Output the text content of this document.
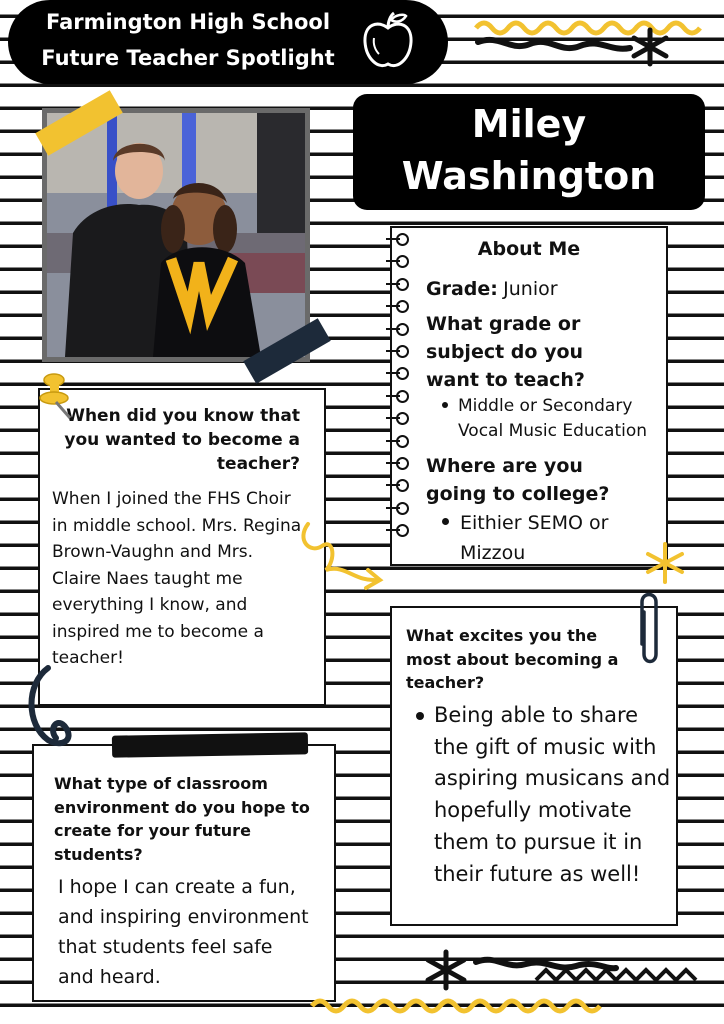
Farmington High School
Future Teacher Spotlight
Miley
Washington
About Me
Grade: Junior
What grade or subject do you want to teach?
Middle or Secondary
Vocal Music Education
Where are you going to college?
Eithier SEMO or
Mizzou
When did you know that
you wanted to become a
teacher?
When I joined the FHS Choir
in middle school. Mrs. Regina
Brown-Vaughn and Mrs.
Claire Naes taught me
everything I know, and
inspired me to become a
teacher!
What excites you the
most about becoming a
teacher?
Being able to share
the gift of music with
aspiring musicans and
hopefully motivate
them to pursue it in
their future as well!
What type of classroom
environment do you hope to
create for your future
students?
I hope I can create a fun,
and inspiring environment
that students feel safe
and heard.
